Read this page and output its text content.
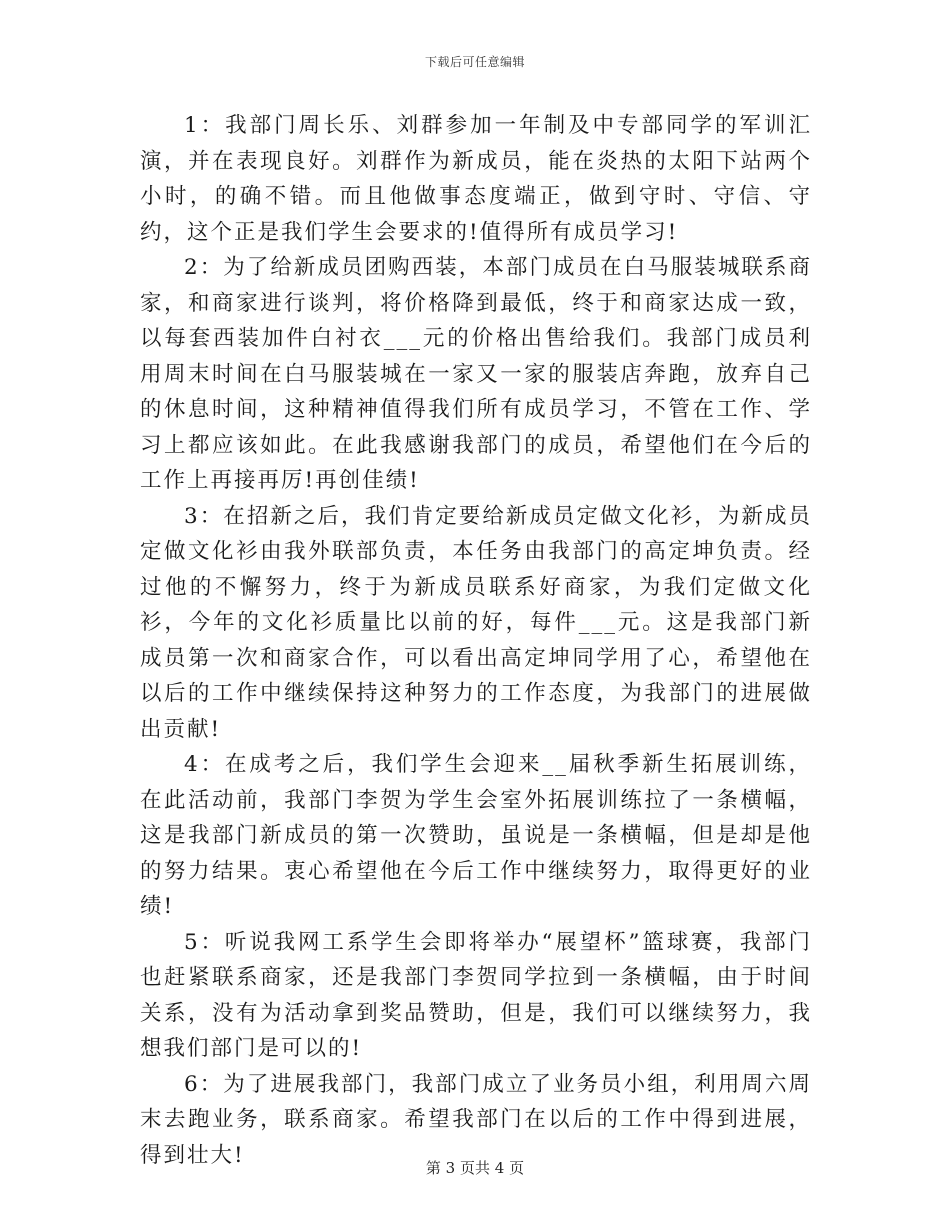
下载后可任意编辑

1：我部门周长乐、刘群参加一年制及中专部同学的军训汇演，并在表现良好。刘群作为新成员，能在炎热的太阳下站两个小时，的确不错。而且他做事态度端正，做到守时、守信、守约，这个正是我们学生会要求的!值得所有成员学习!

2：为了给新成员团购西装，本部门成员在白马服装城联系商家，和商家进行谈判，将价格降到最低，终于和商家达成一致，以每套西装加件白衬衣___元的价格出售给我们。我部门成员利用周末时间在白马服装城在一家又一家的服装店奔跑，放弃自己的休息时间，这种精神值得我们所有成员学习，不管在工作、学习上都应该如此。在此我感谢我部门的成员，希望他们在今后的工作上再接再厉!再创佳绩!

3：在招新之后，我们肯定要给新成员定做文化衫，为新成员定做文化衫由我外联部负责，本任务由我部门的高定坤负责。经过他的不懈努力，终于为新成员联系好商家，为我们定做文化衫，今年的文化衫质量比以前的好，每件___元。这是我部门新成员第一次和商家合作，可以看出高定坤同学用了心，希望他在以后的工作中继续保持这种努力的工作态度，为我部门的进展做出贡献!

4：在成考之后，我们学生会迎来__届秋季新生拓展训练，在此活动前，我部门李贺为学生会室外拓展训练拉了一条横幅，这是我部门新成员的第一次赞助，虽说是一条横幅，但是却是他的努力结果。衷心希望他在今后工作中继续努力，取得更好的业绩!

5：听说我网工系学生会即将举办“展望杯”篮球赛，我部门也赶紧联系商家，还是我部门李贺同学拉到一条横幅，由于时间关系，没有为活动拿到奖品赞助，但是，我们可以继续努力，我想我们部门是可以的!

6：为了进展我部门，我部门成立了业务员小组，利用周六周末去跑业务，联系商家。希望我部门在以后的工作中得到进展，得到壮大!

第 3 页共 4 页
